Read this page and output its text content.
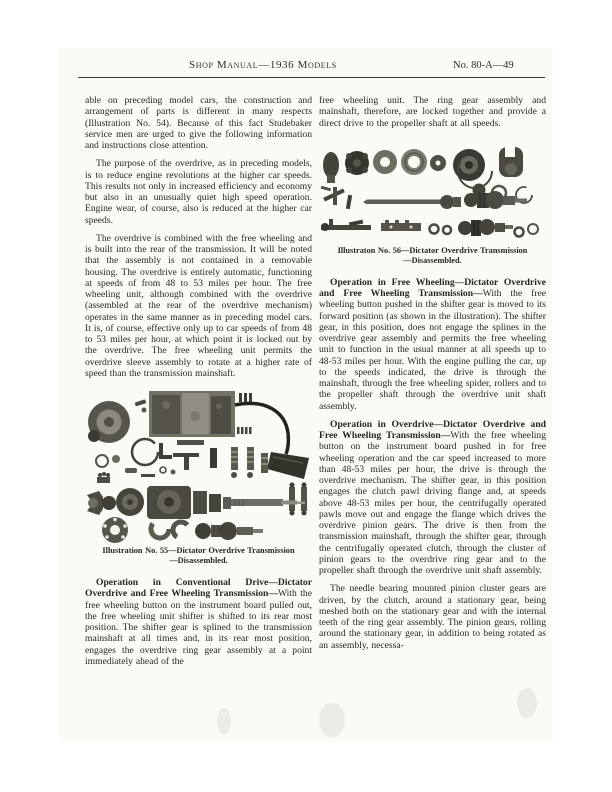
Shop Manual—1936 Models	No. 80-A—49

able on preceding model cars, the construction and arrangement of parts is different in many respects (Illustration No. 54). Because of this fact Studebaker service men are urged to give the following information and instructions close attention.

The purpose of the overdrive, as in preceding models, is to reduce engine revolutions at the higher car speeds. This results not only in increased efficiency and economy but also in an unusually quiet high speed operation. Engine wear, of course, also is reduced at the higher car speeds.

The overdrive is combined with the free wheeling and is built into the rear of the transmission. It will be noted that the assembly is not contained in a removable housing. The overdrive is entirely automatic, functioning at speeds of from 48 to 53 miles per hour. The free wheeling unit, although combined with the overdrive (assembled at the rear of the overdrive mechanism) operates in the same manner as in preceding model cars. It is, of course, effective only up to car speeds of from 48 to 53 miles per hour, at which point it is locked out by the overdrive. The free wheeling unit permits the overdrive sleeve assembly to rotate at a higher rate of speed than the transmission mainshaft.

Illustration No. 55—Dictator Overdrive Transmission
—Disassembled.

Operation in Conventional Drive—Dictator Overdrive and Free Wheeling Transmission—With the free wheeling button on the instrument board pulled out, the free wheeling unit shifter is shifted to its rear most position. The shifter gear is splined to the transmission mainshaft at all times and, in its rear most position, engages the overdrive ring gear assembly at a point immediately ahead of the

free wheeling unit. The ring gear assembly and mainshaft, therefore, are locked together and provide a direct drive to the propeller shaft at all speeds.

Illustraton No. 56—Dictator Overdrive Transmission
—Disassembled.

Operation in Free Wheeling—Dictator Overdrive and Free Wheeling Transmission—With the free wheeling button pushed in the shifter gear is moved to its forward position (as shown in the illustration). The shifter gear, in this position, does not engage the splines in the overdrive gear assembly and permits the free wheeling unit to function in the usual manner at all speeds up to 48-53 miles per hour. With the engine pulling the car, up to the speeds indicated, the drive is through the mainshaft, through the free wheeling spider, rollers and to the propeller shaft through the overdrive unit shaft assembly.

Operation in Overdrive—Dictator Overdrive and Free Wheeling Transmission—With the free wheeling button on the instrument board pushed in for free wheeling operation and the car speed increased to more than 48-53 miles per hour, the drive is through the overdrive mechanism. The shifter gear, in this position engages the clutch pawl driving flange and, at speeds above 48-53 miles per hour, the centrifugally operated pawls move out and engage the flange which drives the overdrive pinion gears. The drive is then from the transmission mainshaft, through the shifter gear, through the centrifugally operated clutch, through the cluster of pinion gears to the overdrive ring gear and to the propeller shaft through the overdrive unit shaft assembly.

The needle bearing mounted pinion cluster gears are driven, by the clutch, around a stationary gear, being meshed both on the stationary gear and with the internal teeth of the ring gear assembly. The pinion gears, rolling around the stationary gear, in addition to being rotated as an assembly, necessa-
